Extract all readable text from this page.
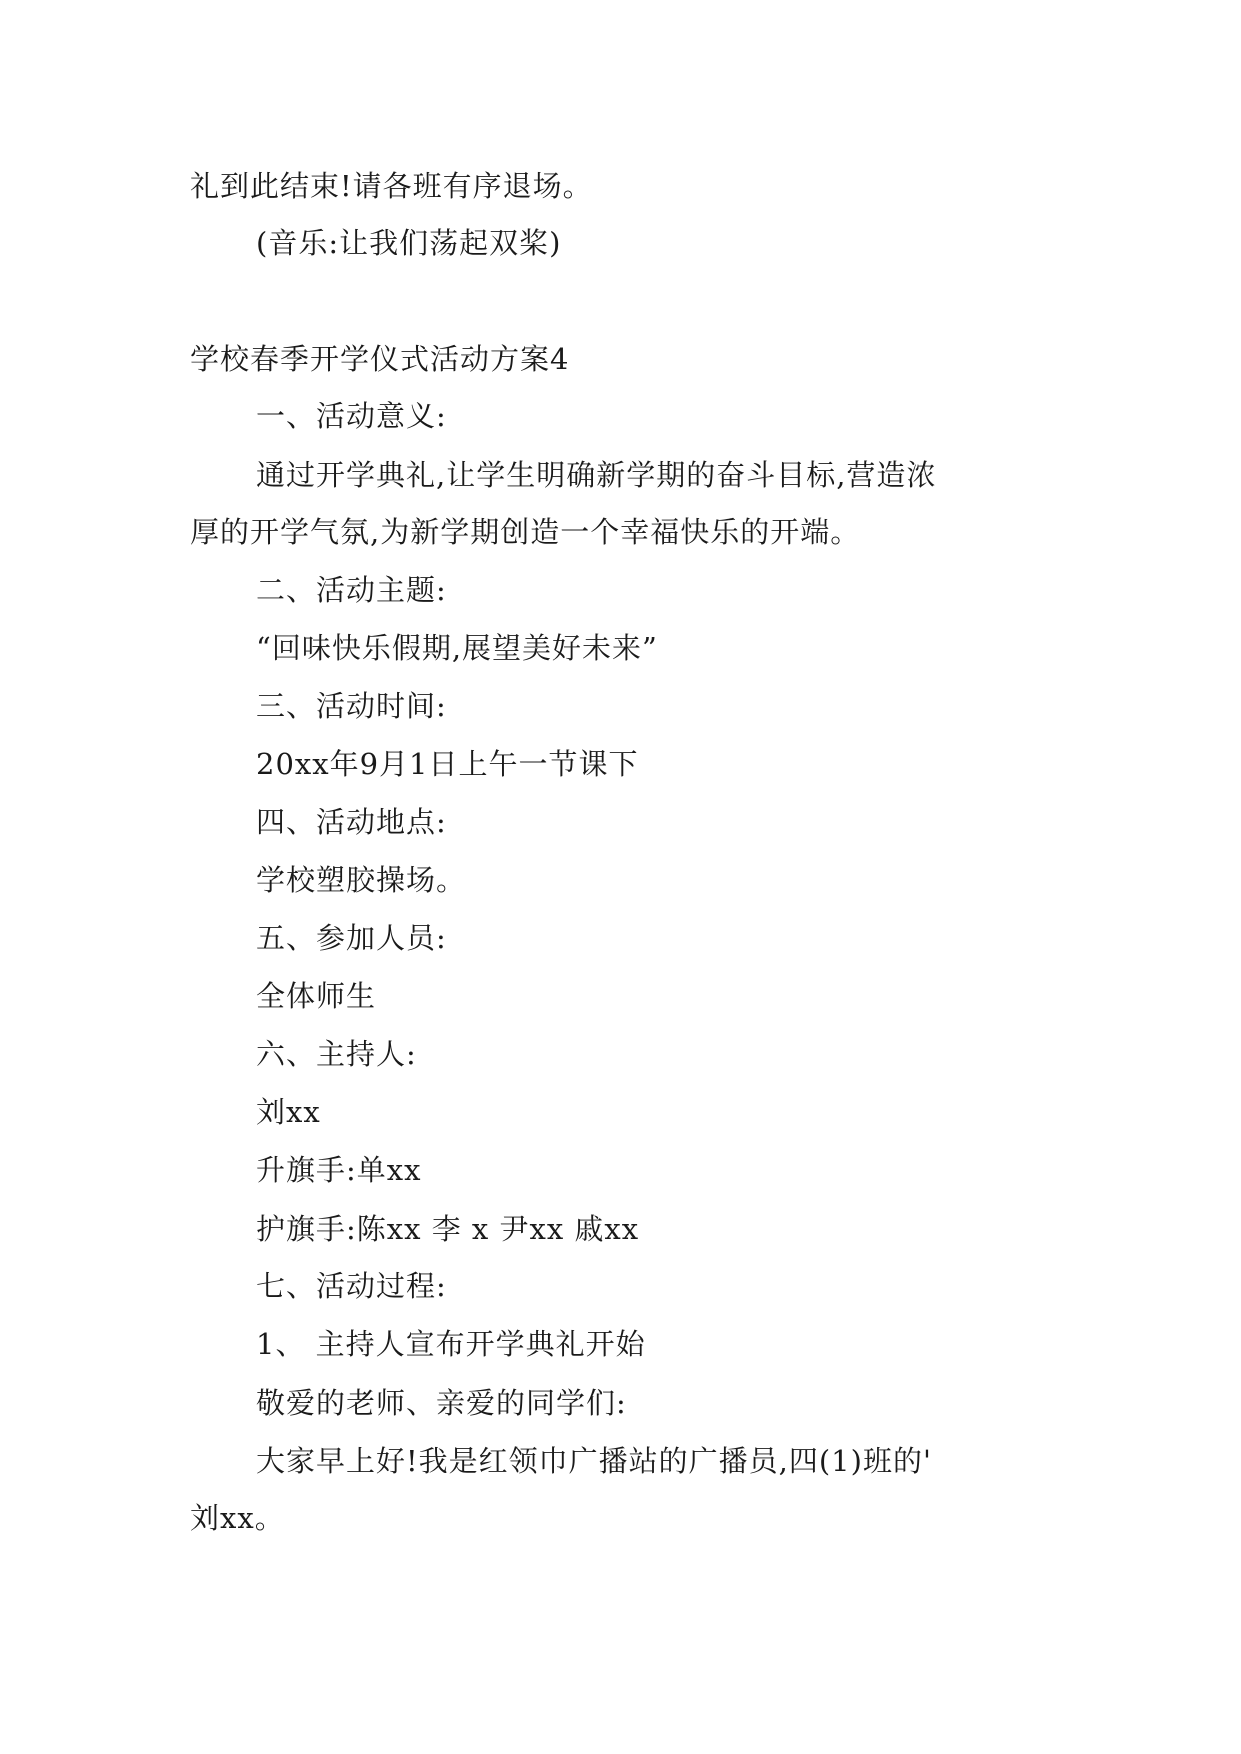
礼到此结束!请各班有序退场。
(音乐:让我们荡起双桨)
学校春季开学仪式活动方案4
一、活动意义:
通过开学典礼,让学生明确新学期的奋斗目标,营造浓
厚的开学气氛,为新学期创造一个幸福快乐的开端。
二、活动主题:
“回味快乐假期,展望美好未来”
三、活动时间:
20xx年9月1日上午一节课下
四、活动地点:
学校塑胶操场。
五、参加人员:
全体师生
六、主持人:
刘xx
升旗手:单xx
护旗手:陈xx 李 x 尹xx 戚xx
七、活动过程:
1、 主持人宣布开学典礼开始
敬爱的老师、亲爱的同学们:
大家早上好!我是红领巾广播站的广播员,四(1)班的'
刘xx。
